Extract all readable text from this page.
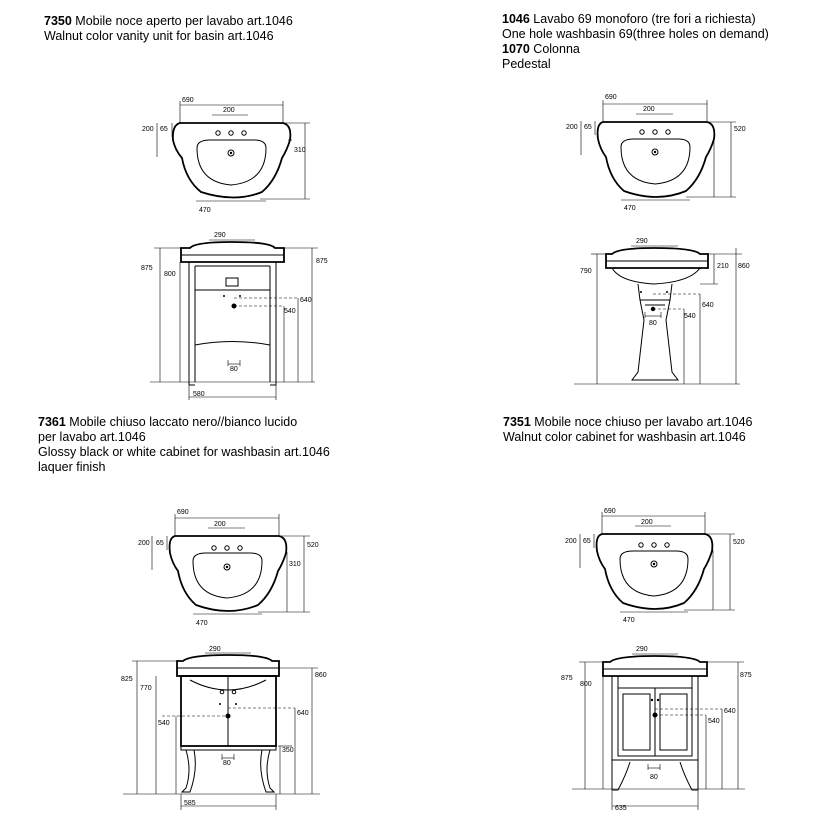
7350 Mobile noce aperto per lavabo art.1046
Walnut color vanity unit for basin art.1046
1046 Lavabo 69 monoforo (tre fori a richiesta)
One hole washbasin 69(three holes on demand)
1070 Colonna
Pedestal
7361 Mobile chiuso laccato nero//bianco lucido
per lavabo art.1046
Glossy black or white cabinet for washbasin art.1046
laquer finish
7351 Mobile noce chiuso per lavabo art.1046
Walnut color cabinet for washbasin art.1046
690
200
200 65
310
470
290
80
875
800
875
640
540
580
690
200
200 65	520
470
290
80
790
860
210
640
540
690
200
200 65	520
310
470
290
80
825
770
540
860
640
350
585
690
200
200 65	520
470
290
80
875
800
875
640
540
635
